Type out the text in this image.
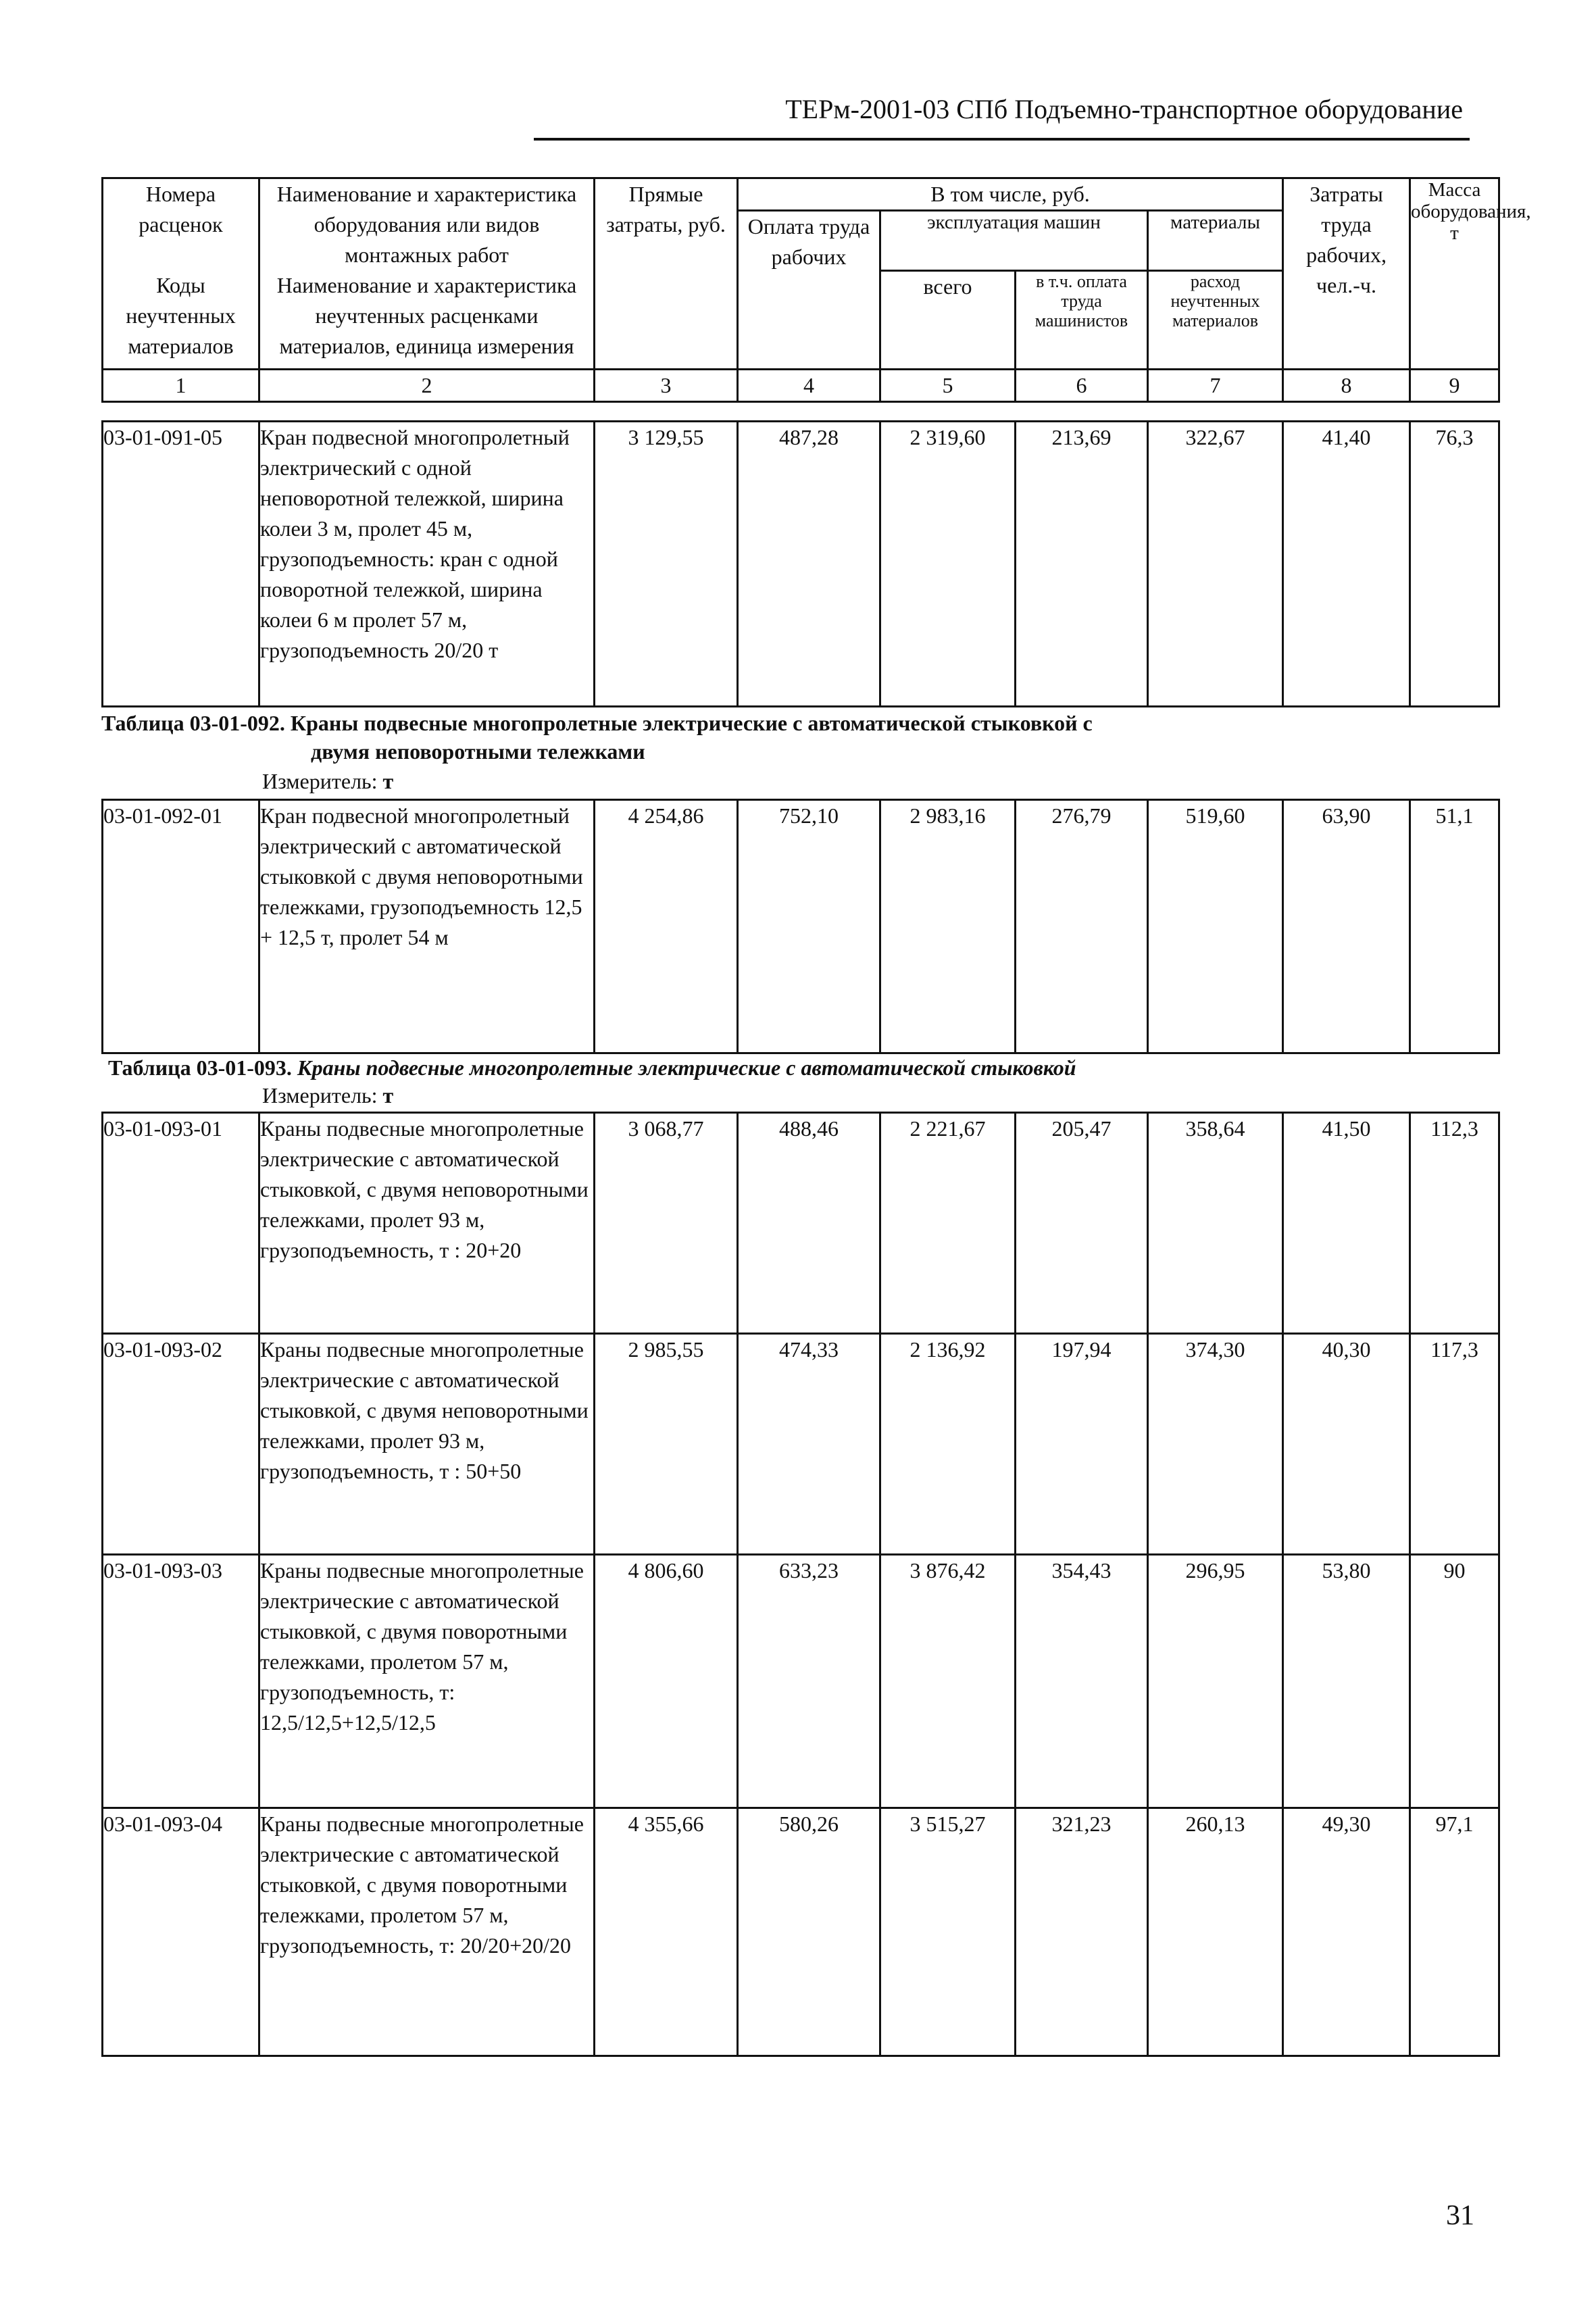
ТЕРм-2001-03 СПб Подъемно-транспортное оборудование
Номера расценок	Наименование и характеристика оборудования или видов монтажных работ	Прямые затраты, руб.	В том числе, руб.				Затраты труда рабочих, чел.-ч.	Масса оборудования, т
			Оплата труда рабочих	эксплуатация машин		материалы		
Коды неучтенных материалов	Наименование и характеристика неучтенных расценками материалов, единица измерения			всего	в т.ч. оплата труда машинистов	расход неучтенных материалов		

1	2	3	4	5	6	7	8	9
03-01-091-05	Кран подвесной многопролетный электрический с одной неповоротной тележкой, ширина колеи 3 м, пролет 45 м, грузоподъемность: кран с одной поворотной тележкой, ширина колеи 6 м пролет 57 м, грузоподъемность 20/20 т	3 129,55	487,28	2 319,60	213,69	322,67	41,40	76,3
Таблица 03-01-092. Краны подвесные многопролетные электрические с автоматической стыковкой с
двумя неповоротными тележками
Измеритель: т
03-01-092-01	Кран подвесной многопролетный электрический с автоматической стыковкой с двумя неповоротными тележками, грузоподъемность 12,5 + 12,5 т, пролет 54 м	4 254,86	752,10	2 983,16	276,79	519,60	63,90	51,1
Таблица 03-01-093. Краны подвесные многопролетные электрические с автоматической стыковкой
Измеритель: т
03-01-093-01	Краны подвесные многопролетные электрические с автоматической стыковкой, с двумя неповоротными тележками, пролет 93 м, грузоподъемность, т : 20+20	3 068,77	488,46	2 221,67	205,47	358,64	41,50	112,3
03-01-093-02	Краны подвесные многопролетные электрические с автоматической стыковкой, с двумя неповоротными тележками, пролет 93 м, грузоподъемность, т : 50+50	2 985,55	474,33	2 136,92	197,94	374,30	40,30	117,3
03-01-093-03	Краны подвесные многопролетные электрические с автоматической стыковкой, с двумя поворотными тележками, пролетом 57 м, грузоподъемность, т: 12,5/12,5+12,5/12,5	4 806,60	633,23	3 876,42	354,43	296,95	53,80	90
03-01-093-04	Краны подвесные многопролетные электрические с автоматической стыковкой, с двумя поворотными тележками, пролетом 57 м, грузоподъемность, т: 20/20+20/20	4 355,66	580,26	3 515,27	321,23	260,13	49,30	97,1
31
